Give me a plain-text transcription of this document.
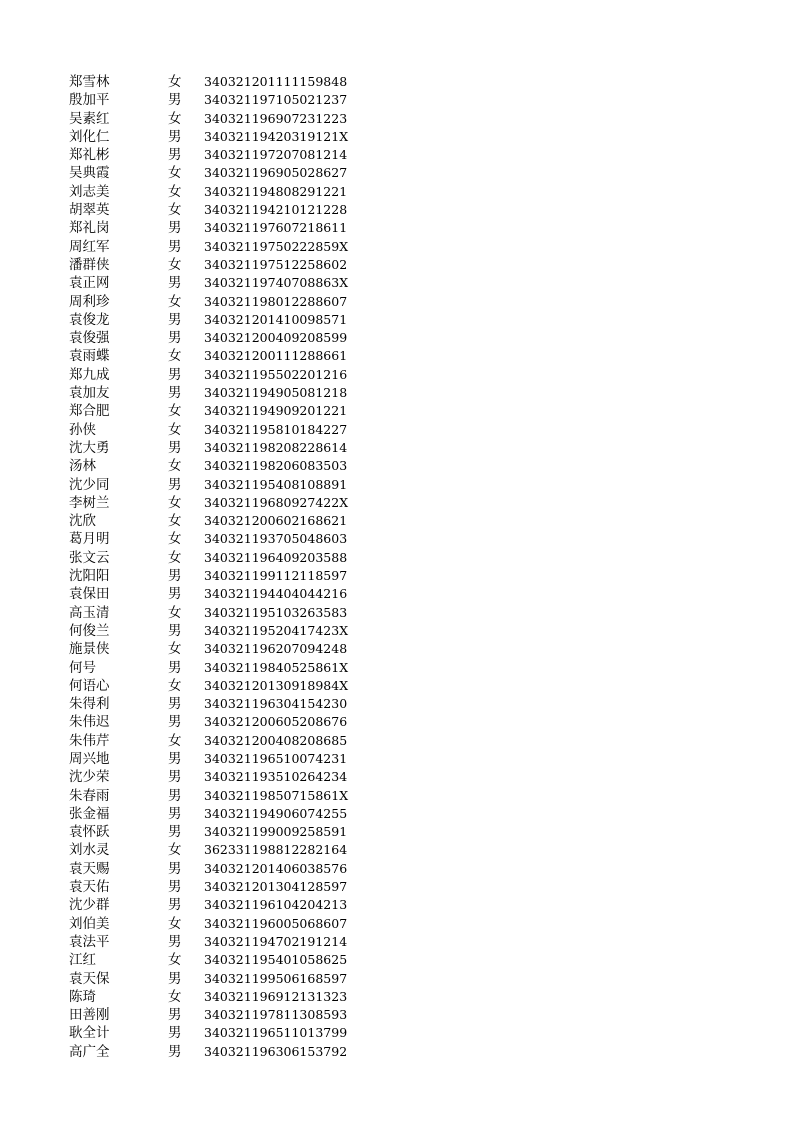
郑雪林	女	340321201111159848
殷加平	男	340321197105021237
吴素红	女	340321196907231223
刘化仁	男	34032119420319121X
郑礼彬	男	340321197207081214
吴典霞	女	340321196905028627
刘志美	女	340321194808291221
胡翠英	女	340321194210121228
郑礼岗	男	340321197607218611
周红军	男	34032119750222859X
潘群侠	女	340321197512258602
袁正网	男	34032119740708863X
周利珍	女	340321198012288607
袁俊龙	男	340321201410098571
袁俊强	男	340321200409208599
袁雨蝶	女	340321200111288661
郑九成	男	340321195502201216
袁加友	男	340321194905081218
郑合肥	女	340321194909201221
孙侠	女	340321195810184227
沈大勇	男	340321198208228614
汤林	女	340321198206083503
沈少同	男	340321195408108891
李树兰	女	34032119680927422X
沈欣	女	340321200602168621
葛月明	女	340321193705048603
张文云	女	340321196409203588
沈阳阳	男	340321199112118597
袁保田	男	340321194404044216
高玉清	女	340321195103263583
何俊兰	男	34032119520417423X
施景侠	女	340321196207094248
何号	男	34032119840525861X
何语心	女	34032120130918984X
朱得利	男	340321196304154230
朱伟迟	男	340321200605208676
朱伟芹	女	340321200408208685
周兴地	男	340321196510074231
沈少荣	男	340321193510264234
朱春雨	男	34032119850715861X
张金福	男	340321194906074255
袁怀跃	男	340321199009258591
刘水灵	女	362331198812282164
袁天赐	男	340321201406038576
袁天佑	男	340321201304128597
沈少群	男	340321196104204213
刘伯美	女	340321196005068607
袁法平	男	340321194702191214
江红	女	340321195401058625
袁天保	男	340321199506168597
陈琦	女	340321196912131323
田善刚	男	340321197811308593
耿全计	男	340321196511013799
高广全	男	340321196306153792
